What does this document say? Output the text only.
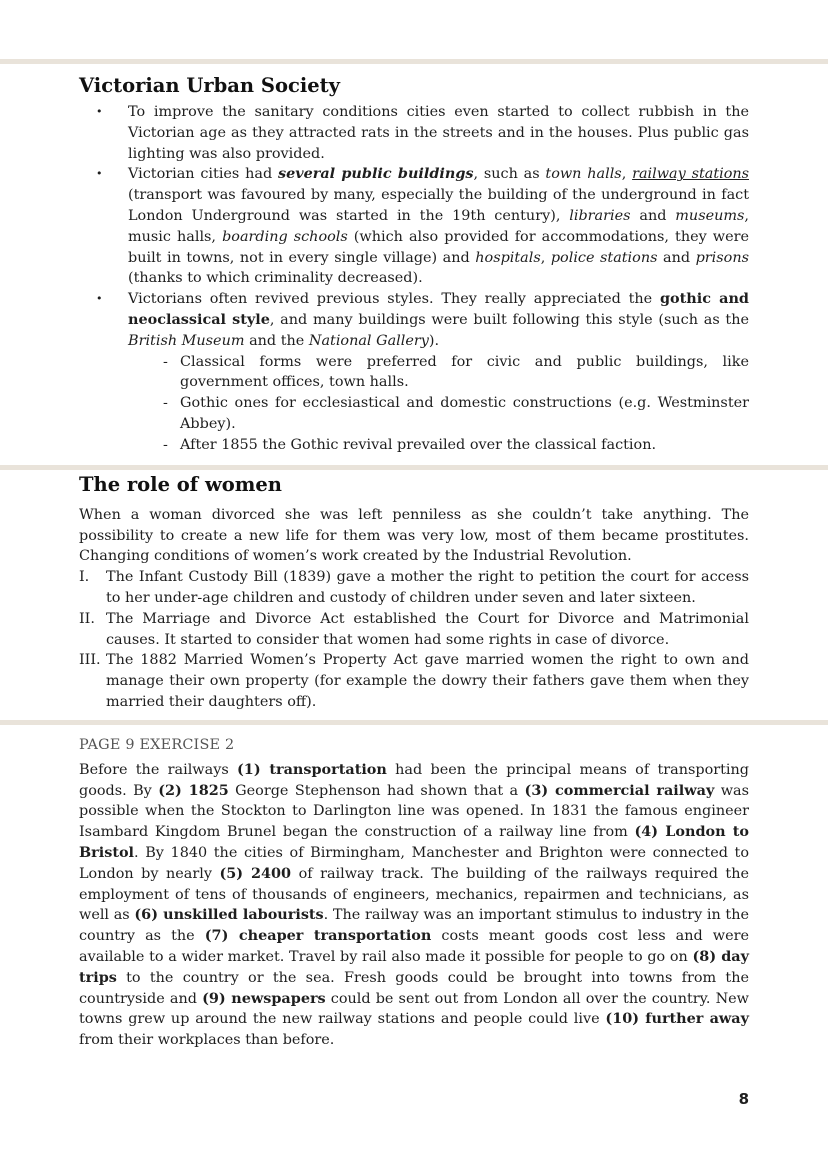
Victorian Urban Society
• To improve the sanitary conditions cities even started to collect rubbish in the Victorian age as they attracted rats in the streets and in the houses. Plus public gas lighting was also provided.
• Victorian cities had several public buildings, such as town halls, railway stations (transport was favoured by many, especially the building of the underground in fact London Underground was started in the 19th century), libraries and museums, music halls, boarding schools (which also provided for accommodations, they were built in towns, not in every single village) and hospitals, police stations and prisons (thanks to which criminality decreased).
• Victorians often revived previous styles. They really appreciated the gothic and neoclassical style, and many buildings were built following this style (such as the British Museum and the National Gallery).
- Classical forms were preferred for civic and public buildings, like government offices, town halls.
- Gothic ones for ecclesiastical and domestic constructions (e.g. Westminster Abbey).
- After 1855 the Gothic revival prevailed over the classical faction.
The role of women

When a woman divorced she was left penniless as she couldn’t take anything. The possibility to create a new life for them was very low, most of them became prostitutes. Changing conditions of women’s work created by the Industrial Revolution.

I. The Infant Custody Bill (1839) gave a mother the right to petition the court for access to her under-age children and custody of children under seven and later sixteen.
II. The Marriage and Divorce Act established the Court for Divorce and Matrimonial causes. It started to consider that women had some rights in case of divorce.
III. The 1882 Married Women’s Property Act gave married women the right to own and manage their own property (for example the dowry their fathers gave them when they married their daughters off).
PAGE 9 EXERCISE 2

Before the railways (1) transportation had been the principal means of transporting goods. By (2) 1825 George Stephenson had shown that a (3) commercial railway was possible when the Stockton to Darlington line was opened. In 1831 the famous engineer Isambard Kingdom Brunel began the construction of a railway line from (4) London to Bristol. By 1840 the cities of Birmingham, Manchester and Brighton were connected to London by nearly (5) 2400 of railway track. The building of the railways required the employment of tens of thousands of engineers, mechanics, repairmen and technicians, as well as (6) unskilled labourists. The railway was an important stimulus to industry in the country as the (7) cheaper transportation costs meant goods cost less and were available to a wider market. Travel by rail also made it possible for people to go on (8) day trips to the country or the sea. Fresh goods could be brought into towns from the countryside and (9) newspapers could be sent out from London all over the country. New towns grew up around the new railway stations and people could live (10) further away from their workplaces than before.

8
